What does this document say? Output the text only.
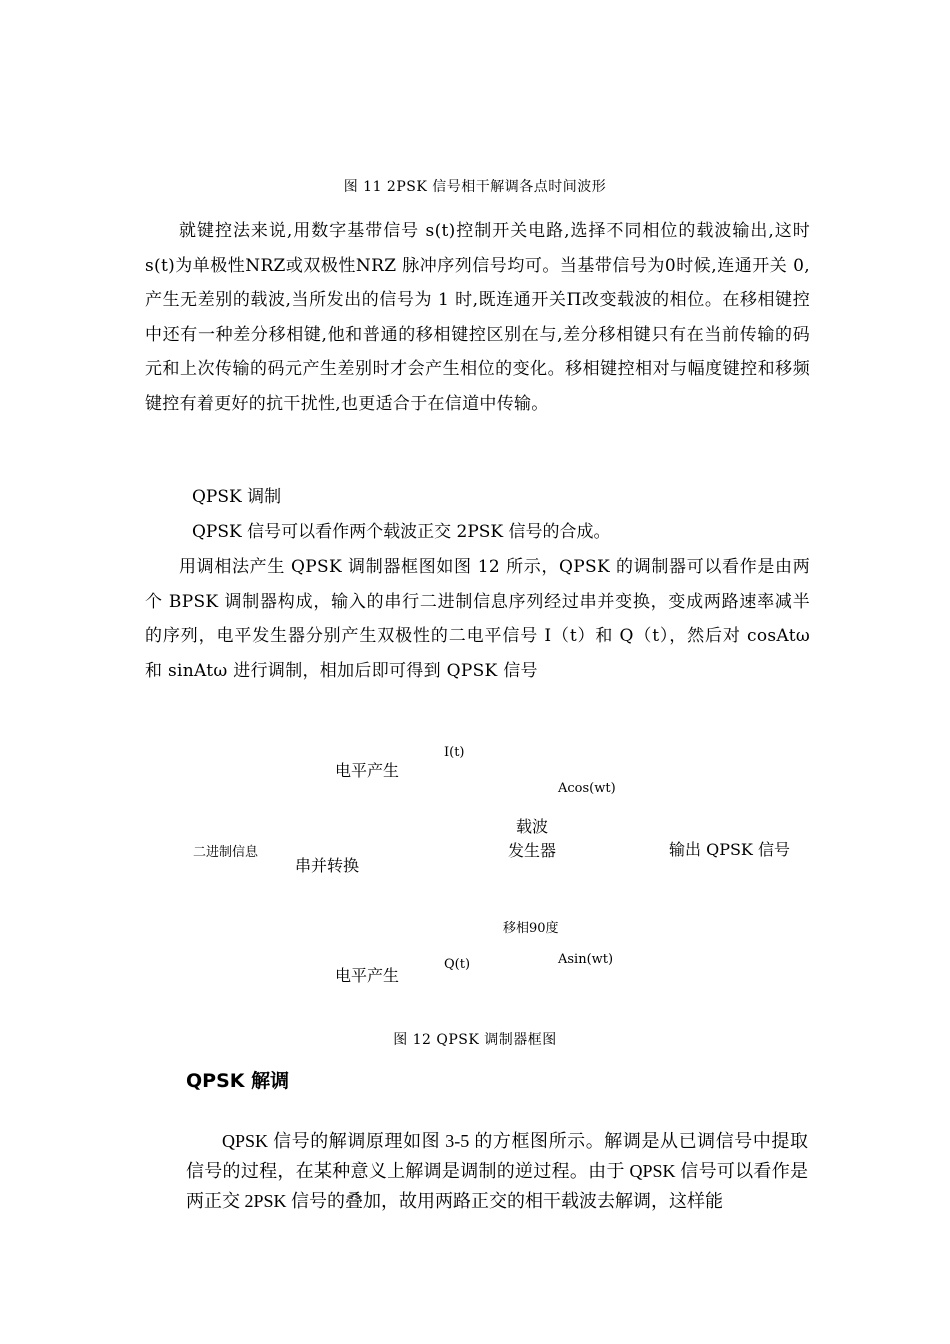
图 11 2PSK 信号相干解调各点时间波形
就键控法来说,用数字基带信号 s(t)控制开关电路,选择不同相位的载波输出,这时 s(t)为单极性NRZ或双极性NRZ 脉冲序列信号均可。当基带信号为0时候,连通开关 0,产生无差别的载波,当所发出的信号为 1 时,既连通开关Π改变载波的相位。在移相键控中还有一种差分移相键,他和普通的移相键控区别在与,差分移相键只有在当前传输的码元和上次传输的码元产生差别时才会产生相位的变化。移相键控相对与幅度键控和移频键控有着更好的抗干扰性,也更适合于在信道中传输。
QPSK 调制
QPSK 信号可以看作两个载波正交 2PSK 信号的合成。
用调相法产生 QPSK 调制器框图如图 12 所示，QPSK 的调制器可以看作是由两个 BPSK 调制器构成，输入的串行二进制信息序列经过串并变换，变成两路速率减半的序列，电平发生器分别产生双极性的二电平信号 I（t）和 Q（t），然后对 cosAtω 和 sinAtω 进行调制，相加后即可得到 QPSK 信号
电平产生
I(t)
Acos(wt)
载波
发生器
二进制信息
串并转换
输出 QPSK 信号
移相90度
电平产生
Q(t)	Asin(wt)
图 12 QPSK 调制器框图
QPSK 解调
QPSK 信号的解调原理如图 3-5 的方框图所示。解调是从已调信号中提取信号的过程，在某种意义上解调是调制的逆过程。由于 QPSK 信号可以看作是两正交 2PSK 信号的叠加，故用两路正交的相干载波去解调，这样能
